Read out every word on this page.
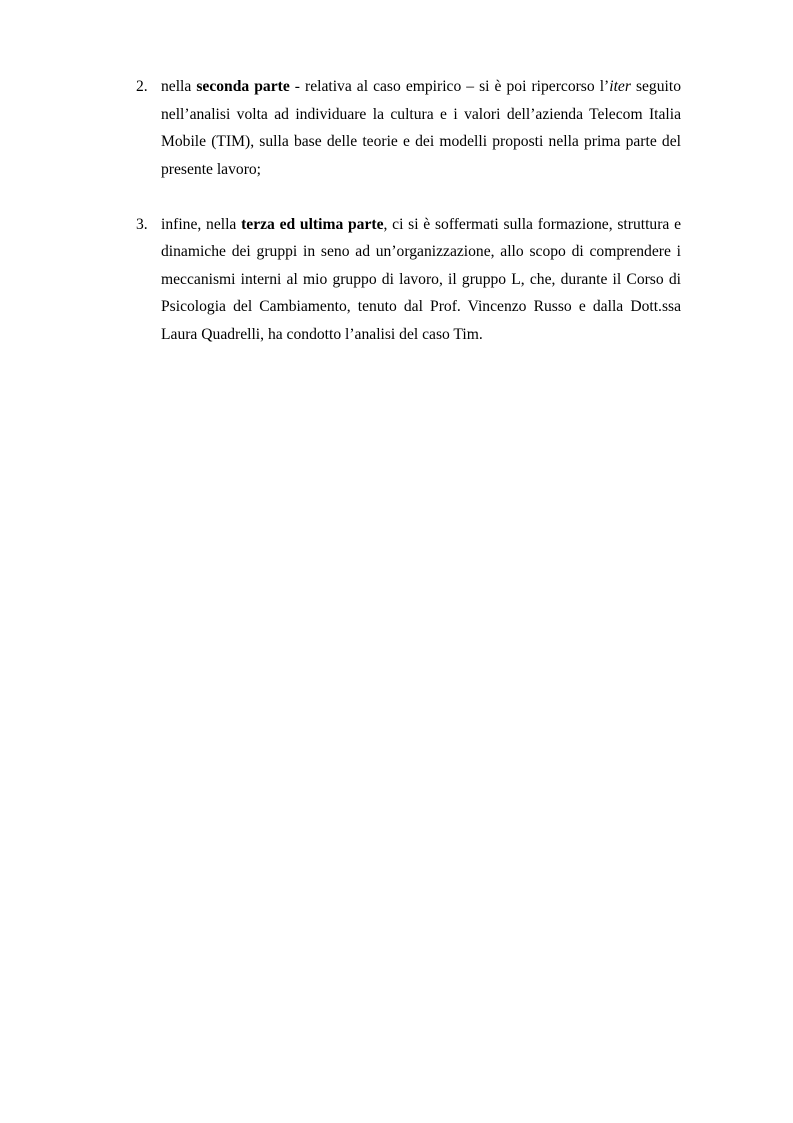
2. nella seconda parte - relativa al caso empirico – si è poi ripercorso l’iter seguito nell’analisi volta ad individuare la cultura e i valori dell’azienda Telecom Italia Mobile (TIM), sulla base delle teorie e dei modelli proposti nella prima parte del presente lavoro;
3. infine, nella terza ed ultima parte, ci si è soffermati sulla formazione, struttura e dinamiche dei gruppi in seno ad un’organizzazione, allo scopo di comprendere i meccanismi interni al mio gruppo di lavoro, il gruppo L, che, durante il Corso di Psicologia del Cambiamento, tenuto dal Prof. Vincenzo Russo e dalla Dott.ssa Laura Quadrelli, ha condotto l’analisi del caso Tim.
